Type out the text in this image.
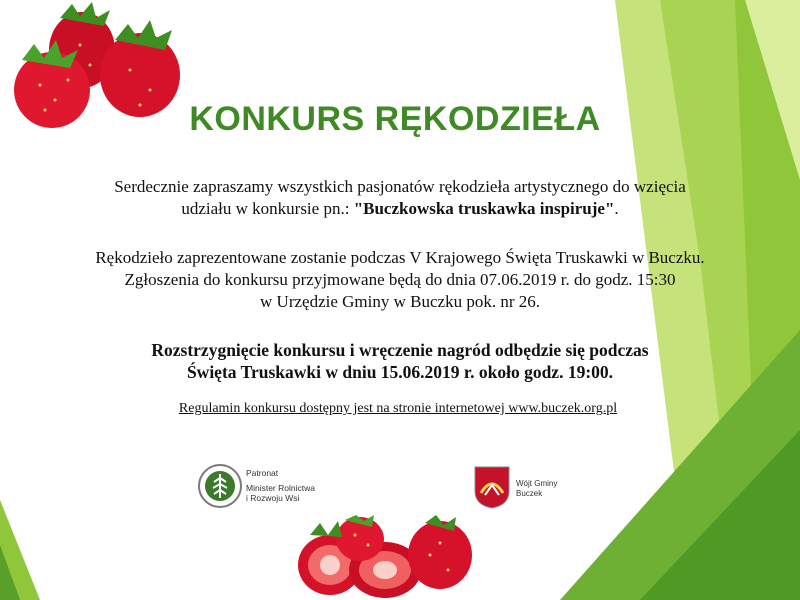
KONKURS RĘKODZIEŁA
Serdecznie zapraszamy wszystkich pasjonatów rękodzieła artystycznego do wzięcia
udziału w konkursie pn.: "Buczkowska truskawka inspiruje".
Rękodzieło zaprezentowane zostanie podczas V Krajowego Święta Truskawki w Buczku.
Zgłoszenia do konkursu przyjmowane będą do dnia 07.06.2019 r. do godz. 15:30
w Urzędzie Gminy w Buczku pok. nr 26.
Rozstrzygnięcie konkursu i wręczenie nagród odbędzie się podczas
Święta Truskawki w dniu 15.06.2019 r. około godz. 19:00.
Regulamin konkursu dostępny jest na stronie internetowej www.buczek.org.pl
Patronat
Minister Rolnictwa
i Rozwoju Wsi
Wójt Gminy
Buczek
